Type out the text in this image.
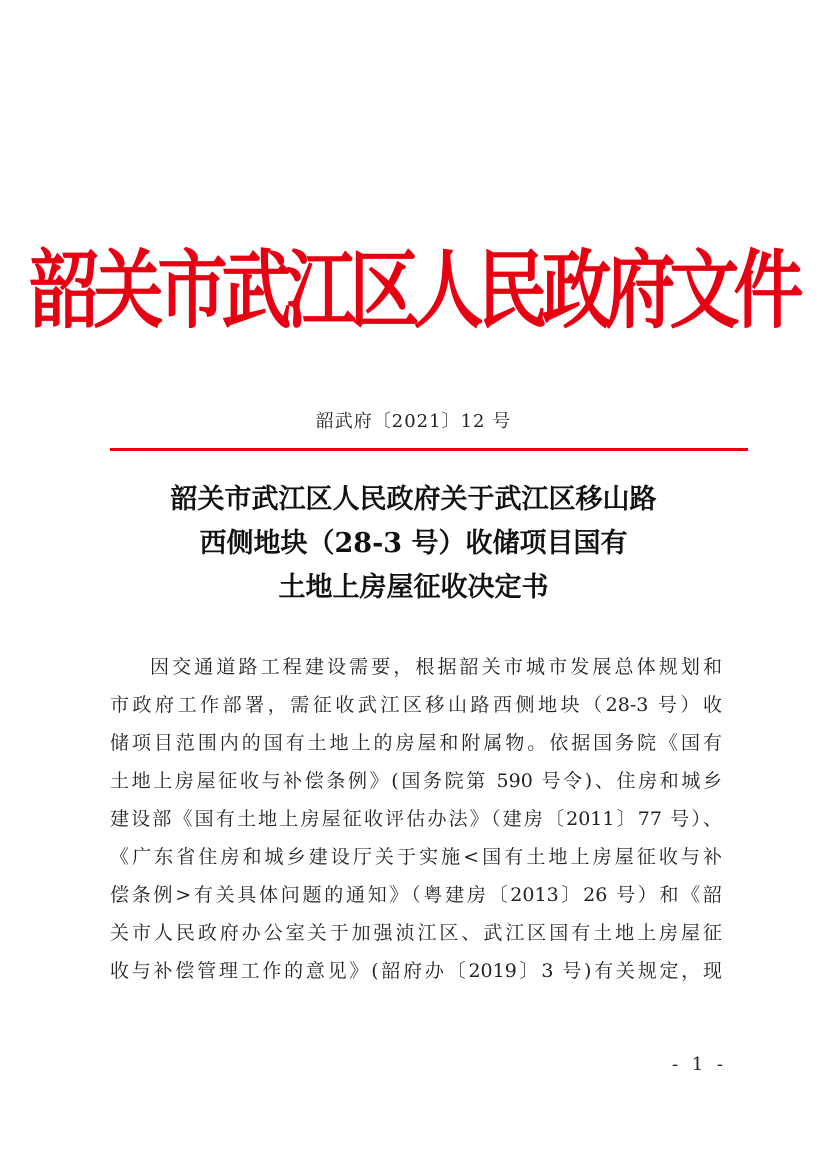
韶关市武江区人民政府文件
韶武府〔2021〕12 号
韶关市武江区人民政府关于武江区移山路
西侧地块（28-3 号）收储项目国有
土地上房屋征收决定书
因交通道路工程建设需要，根据韶关市城市发展总体规划和
市政府工作部署，需征收武江区移山路西侧地块（28-3 号）收
储项目范围内的国有土地上的房屋和附属物。依据国务院《国有
土地上房屋征收与补偿条例》(国务院第 590 号令)、住房和城乡
建设部《国有土地上房屋征收评估办法》（建房〔2011〕77 号）、
《广东省住房和城乡建设厅关于实施<国有土地上房屋征收与补
偿条例>有关具体问题的通知》（粤建房〔2013〕26 号）和《韶
关市人民政府办公室关于加强浈江区、武江区国有土地上房屋征
收与补偿管理工作的意见》(韶府办〔2019〕3 号)有关规定，现
- 1 -
